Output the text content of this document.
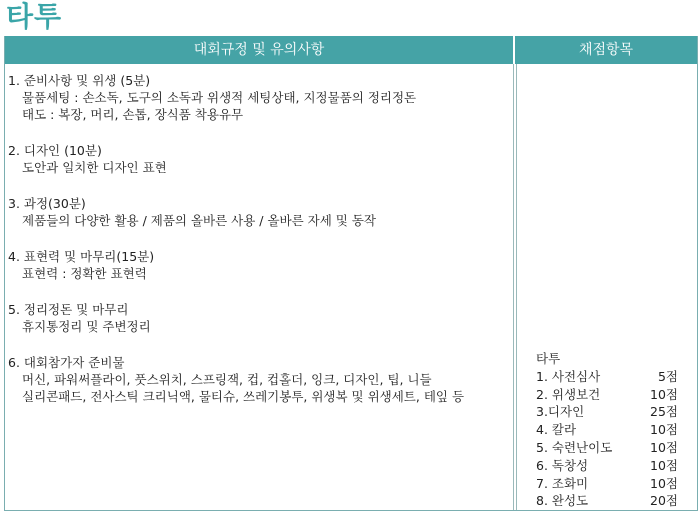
타투
대회규정 및 유의사항	채점항목
1. 준비사항 및 위생 (5분)
물품세팅 : 손소독, 도구의 소독과 위생적 세팅상태, 지정물품의 정리정돈
태도 : 복장, 머리, 손톱, 장식품 착용유무
2. 디자인 (10분)
도안과 일치한 디자인 표현
3. 과정(30분)
제품들의 다양한 활용 / 제품의 올바른 사용 / 올바른 자세 및 동작
4. 표현력 및 마무리(15분)
표현력 : 정확한 표현력
5. 정리정돈 및 마무리
휴지통정리 및 주변정리
6. 대회참가자 준비물
머신, 파워써플라이, 풋스위치, 스프링잭, 컵, 컵홀더, 잉크, 디자인, 팁, 니들
실리콘패드, 전사스틱 크리닉액, 물티슈, 쓰레기봉투, 위생복 및 위생세트, 테잎 등
타투
1. 사전심사	5점
2. 위생보건	10점
3.디자인	25점
4. 칼라	10점
5. 숙련난이도	10점
6. 독창성	10점
7. 조화미	10점
8. 완성도	20점
